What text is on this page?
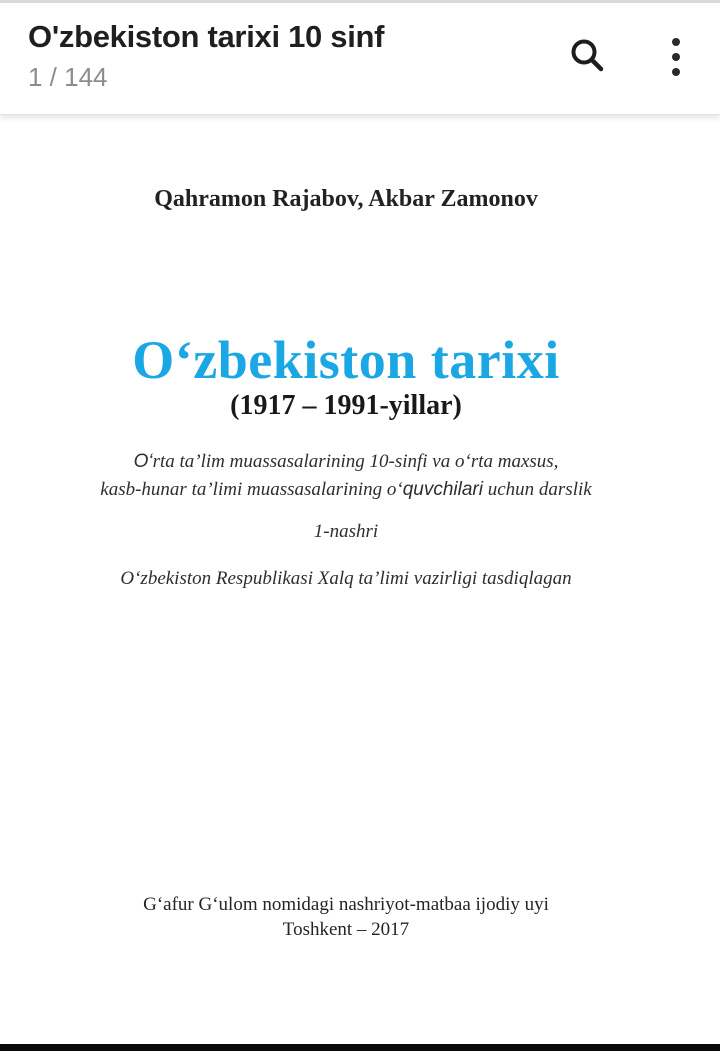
O'zbekiston tarixi 10 sinf
1 / 144
Qahramon Rajabov, Akbar Zamonov
O‘zbekiston tarixi
(1917 – 1991-yillar)
O‘rta ta’lim muassasalarining 10-sinfi va o‘rta maxsus,
kasb-hunar ta’limi muassasalarining o‘quvchilari uchun darslik
1-nashri
O‘zbekiston Respublikasi Xalq ta’limi vazirligi tasdiqlagan
G‘afur G‘ulom nomidagi nashriyot-matbaa ijodiy uyi
Toshkent – 2017
